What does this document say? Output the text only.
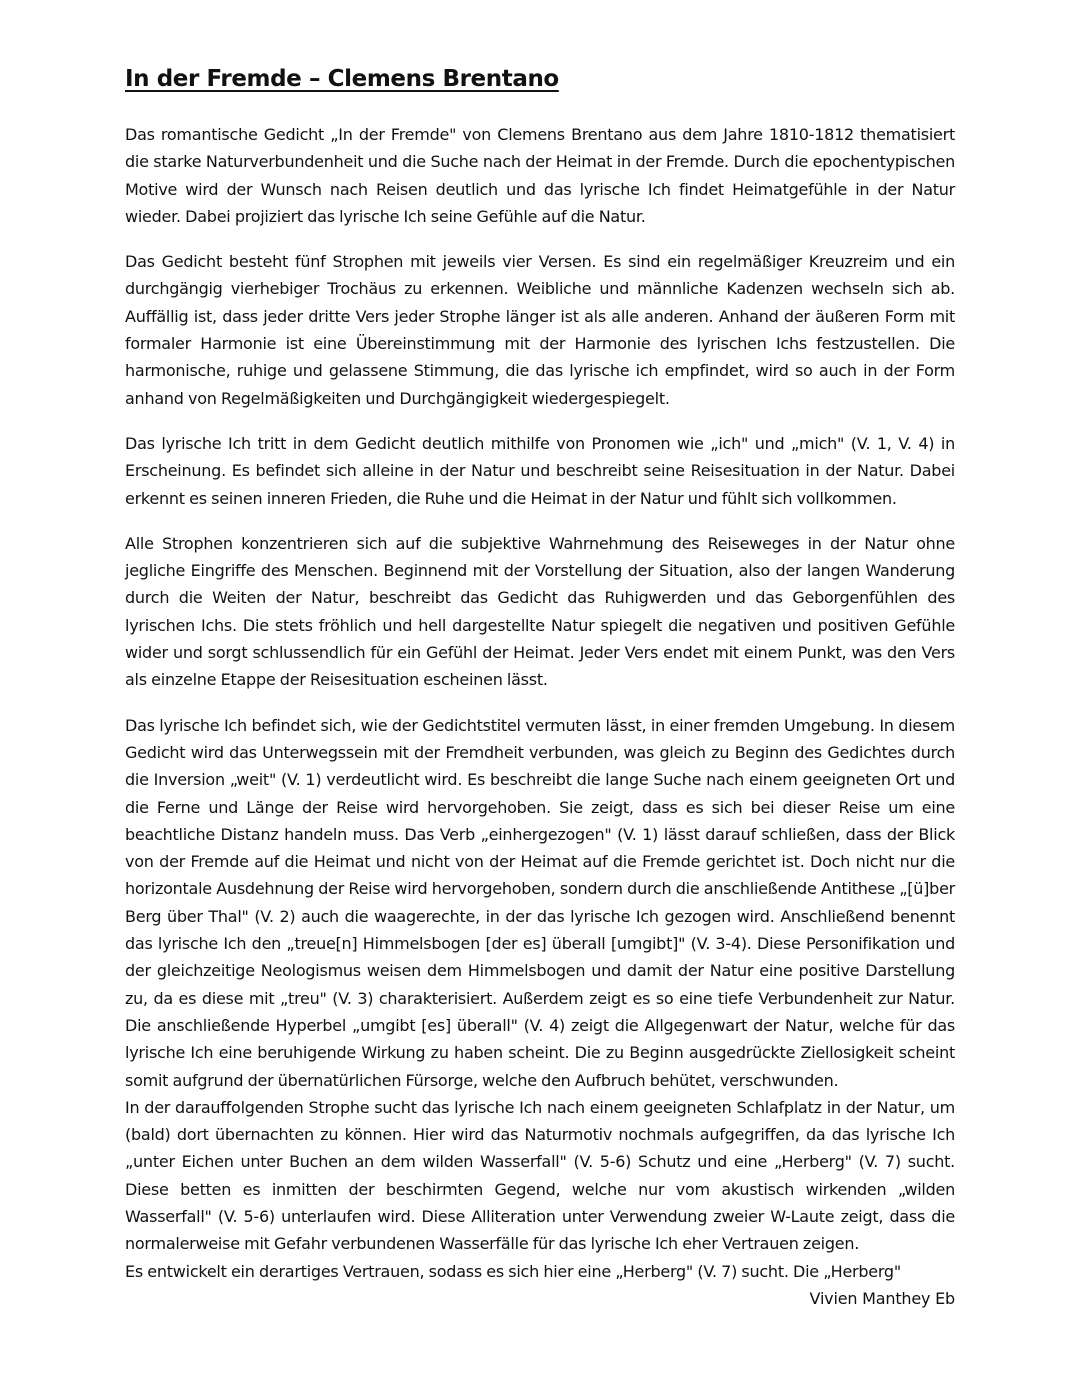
In der Fremde – Clemens Brentano

Das romantische Gedicht „In der Fremde" von Clemens Brentano aus dem Jahre 1810-1812 thematisiert die starke Naturverbundenheit und die Suche nach der Heimat in der Fremde. Durch die epochentypischen Motive wird der Wunsch nach Reisen deutlich und das lyrische Ich findet Heimatgefühle in der Natur wieder. Dabei projiziert das lyrische Ich seine Gefühle auf die Natur.

Das Gedicht besteht fünf Strophen mit jeweils vier Versen. Es sind ein regelmäßiger Kreuzreim und ein durchgängig vierhebiger Trochäus zu erkennen. Weibliche und männliche Kadenzen wechseln sich ab. Auffällig ist, dass jeder dritte Vers jeder Strophe länger ist als alle anderen. Anhand der äußeren Form mit formaler Harmonie ist eine Übereinstimmung mit der Harmonie des lyrischen Ichs festzustellen. Die harmonische, ruhige und gelassene Stimmung, die das lyrische ich empfindet, wird so auch in der Form anhand von Regelmäßigkeiten und Durchgängigkeit wiedergespiegelt.

Das lyrische Ich tritt in dem Gedicht deutlich mithilfe von Pronomen wie „ich" und „mich" (V. 1, V. 4) in Erscheinung. Es befindet sich alleine in der Natur und beschreibt seine Reisesituation in der Natur. Dabei erkennt es seinen inneren Frieden, die Ruhe und die Heimat in der Natur und fühlt sich vollkommen.

Alle Strophen konzentrieren sich auf die subjektive Wahrnehmung des Reiseweges in der Natur ohne jegliche Eingriffe des Menschen. Beginnend mit der Vorstellung der Situation, also der langen Wanderung durch die Weiten der Natur, beschreibt das Gedicht das Ruhigwerden und das Geborgenfühlen des lyrischen Ichs. Die stets fröhlich und hell dargestellte Natur spiegelt die negativen und positiven Gefühle wider und sorgt schlussendlich für ein Gefühl der Heimat. Jeder Vers endet mit einem Punkt, was den Vers als einzelne Etappe der Reisesituation escheinen lässt.

Das lyrische Ich befindet sich, wie der Gedichtstitel vermuten lässt, in einer fremden Umgebung. In diesem Gedicht wird das Unterwegssein mit der Fremdheit verbunden, was gleich zu Beginn des Gedichtes durch die Inversion „weit" (V. 1) verdeutlicht wird. Es beschreibt die lange Suche nach einem geeigneten Ort und die Ferne und Länge der Reise wird hervorgehoben. Sie zeigt, dass es sich bei dieser Reise um eine beachtliche Distanz handeln muss. Das Verb „einhergezogen" (V. 1) lässt darauf schließen, dass der Blick von der Fremde auf die Heimat und nicht von der Heimat auf die Fremde gerichtet ist. Doch nicht nur die horizontale Ausdehnung der Reise wird hervorgehoben, sondern durch die anschließende Antithese „[ü]ber Berg über Thal" (V. 2) auch die waagerechte, in der das lyrische Ich gezogen wird. Anschließend benennt das lyrische Ich den „treue[n] Himmelsbogen [der es] überall [umgibt]" (V. 3-4). Diese Personifikation und der gleichzeitige Neologismus weisen dem Himmelsbogen und damit der Natur eine positive Darstellung zu, da es diese mit „treu" (V. 3) charakterisiert. Außerdem zeigt es so eine tiefe Verbundenheit zur Natur. Die anschließende Hyperbel „umgibt [es] überall" (V. 4) zeigt die Allgegenwart der Natur, welche für das lyrische Ich eine beruhigende Wirkung zu haben scheint. Die zu Beginn ausgedrückte Ziellosigkeit scheint somit aufgrund der übernatürlichen Fürsorge, welche den Aufbruch behütet, verschwunden.

In der darauffolgenden Strophe sucht das lyrische Ich nach einem geeigneten Schlafplatz in der Natur, um (bald) dort übernachten zu können. Hier wird das Naturmotiv nochmals aufgegriffen, da das lyrische Ich „unter Eichen unter Buchen an dem wilden Wasserfall" (V. 5-6) Schutz und eine „Herberg" (V. 7) sucht. Diese betten es inmitten der beschirmten Gegend, welche nur vom akustisch wirkenden „wilden Wasserfall" (V. 5-6) unterlaufen wird. Diese Alliteration unter Verwendung zweier W-Laute zeigt, dass die normalerweise mit Gefahr verbundenen Wasserfälle für das lyrische Ich eher Vertrauen zeigen.

Es entwickelt ein derartiges Vertrauen, sodass es sich hier eine „Herberg" (V. 7) sucht. Die „Herberg"

Vivien Manthey Eb
